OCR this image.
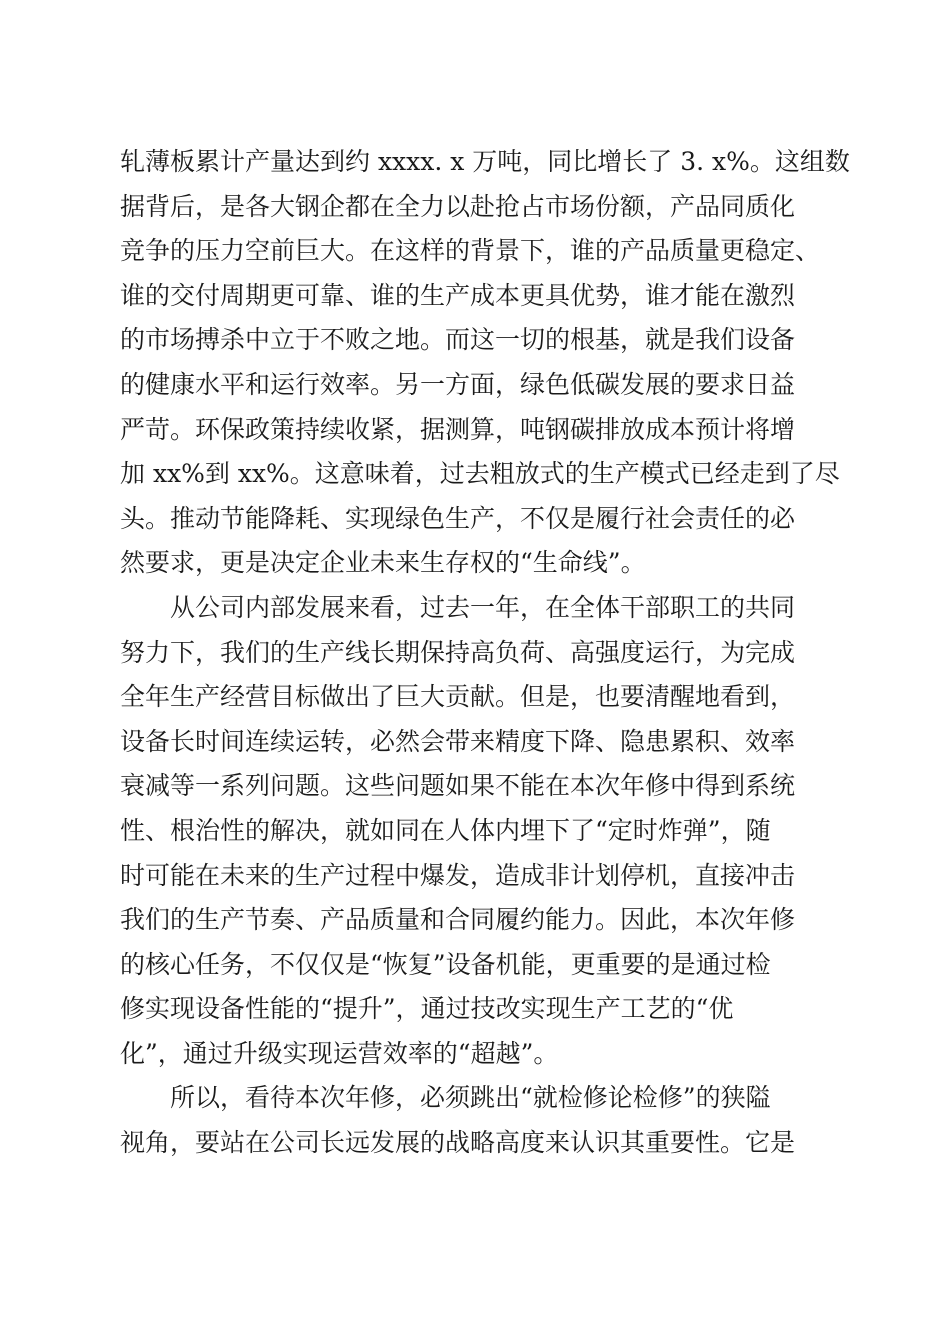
轧薄板累计产量达到约 xxxx. x 万吨，同比增长了 3. x%。这组数
据背后，是各大钢企都在全力以赴抢占市场份额，产品同质化
竞争的压力空前巨大。在这样的背景下，谁的产品质量更稳定、
谁的交付周期更可靠、谁的生产成本更具优势，谁才能在激烈
的市场搏杀中立于不败之地。而这一切的根基，就是我们设备
的健康水平和运行效率。另一方面，绿色低碳发展的要求日益
严苛。环保政策持续收紧，据测算，吨钢碳排放成本预计将增
加 xx%到 xx%。这意味着，过去粗放式的生产模式已经走到了尽
头。推动节能降耗、实现绿色生产，不仅是履行社会责任的必
然要求，更是决定企业未来生存权的“生命线”。
　　从公司内部发展来看，过去一年，在全体干部职工的共同
努力下，我们的生产线长期保持高负荷、高强度运行，为完成
全年生产经营目标做出了巨大贡献。但是，也要清醒地看到，
设备长时间连续运转，必然会带来精度下降、隐患累积、效率
衰减等一系列问题。这些问题如果不能在本次年修中得到系统
性、根治性的解决，就如同在人体内埋下了“定时炸弹”，随
时可能在未来的生产过程中爆发，造成非计划停机，直接冲击
我们的生产节奏、产品质量和合同履约能力。因此，本次年修
的核心任务，不仅仅是“恢复”设备机能，更重要的是通过检
修实现设备性能的“提升”，通过技改实现生产工艺的“优
化”，通过升级实现运营效率的“超越”。
　　所以，看待本次年修，必须跳出“就检修论检修”的狭隘
视角，要站在公司长远发展的战略高度来认识其重要性。它是
